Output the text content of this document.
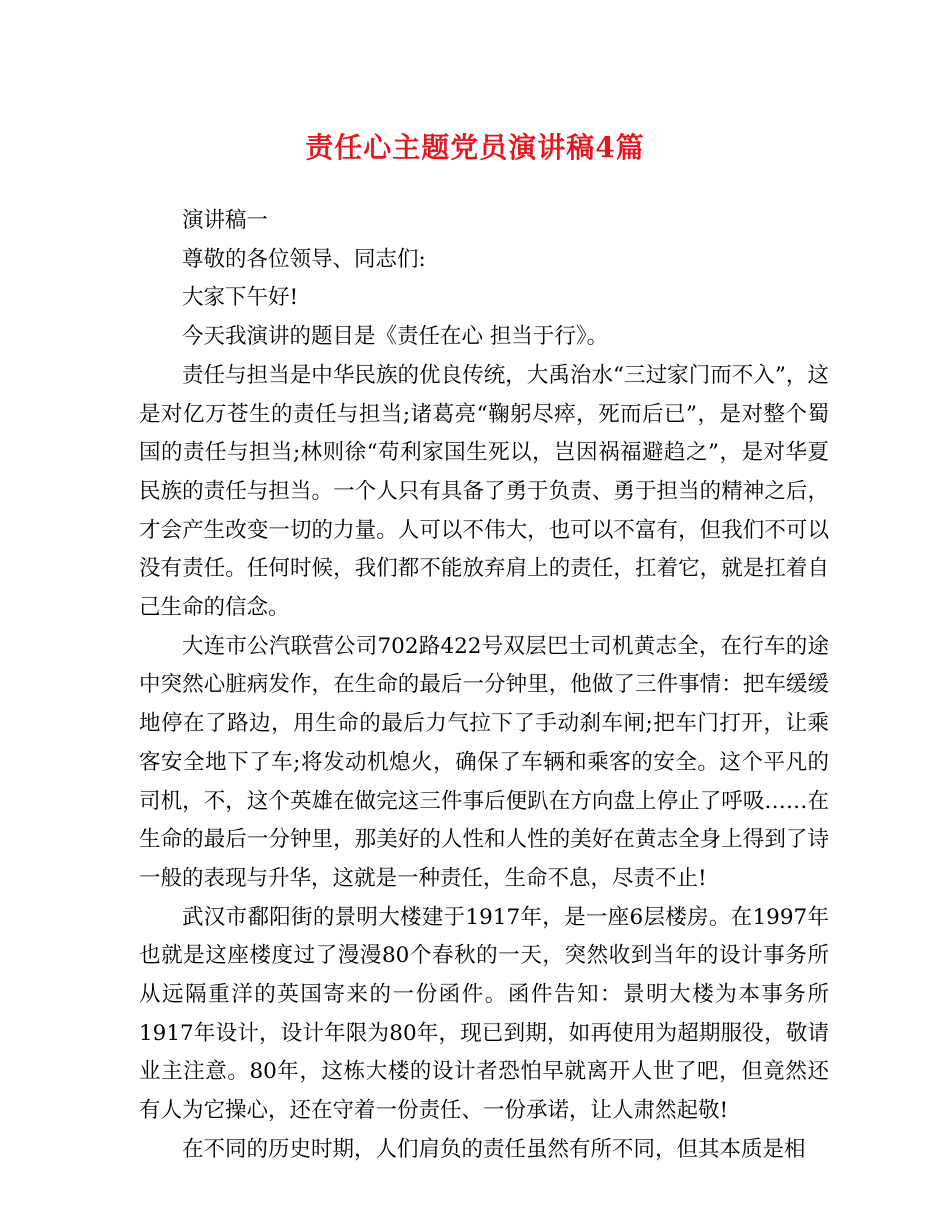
责任心主题党员演讲稿4篇

演讲稿一

尊敬的各位领导、同志们:

大家下午好!

今天我演讲的题目是《责任在心 担当于行》。

责任与担当是中华民族的优良传统，大禹治水“三过家门而不入”，这是对亿万苍生的责任与担当;诸葛亮“鞠躬尽瘁，死而后已”，是对整个蜀国的责任与担当;林则徐“苟利家国生死以，岂因祸福避趋之”，是对华夏民族的责任与担当。一个人只有具备了勇于负责、勇于担当的精神之后，才会产生改变一切的力量。人可以不伟大，也可以不富有，但我们不可以没有责任。任何时候，我们都不能放弃肩上的责任，扛着它，就是扛着自己生命的信念。

大连市公汽联营公司702路422号双层巴士司机黄志全，在行车的途中突然心脏病发作，在生命的最后一分钟里，他做了三件事情：把车缓缓地停在了路边，用生命的最后力气拉下了手动刹车闸;把车门打开，让乘客安全地下了车;将发动机熄火，确保了车辆和乘客的安全。这个平凡的司机，不，这个英雄在做完这三件事后便趴在方向盘上停止了呼吸……在生命的最后一分钟里，那美好的人性和人性的美好在黄志全身上得到了诗一般的表现与升华，这就是一种责任，生命不息，尽责不止!

武汉市鄱阳街的景明大楼建于1917年，是一座6层楼房。在1997年也就是这座楼度过了漫漫80个春秋的一天，突然收到当年的设计事务所从远隔重洋的英国寄来的一份函件。函件告知：景明大楼为本事务所1917年设计，设计年限为80年，现已到期，如再使用为超期服役，敬请业主注意。80年，这栋大楼的设计者恐怕早就离开人世了吧，但竟然还有人为它操心，还在守着一份责任、一份承诺，让人肃然起敬!

在不同的历史时期，人们肩负的责任虽然有所不同，但其本质是相
